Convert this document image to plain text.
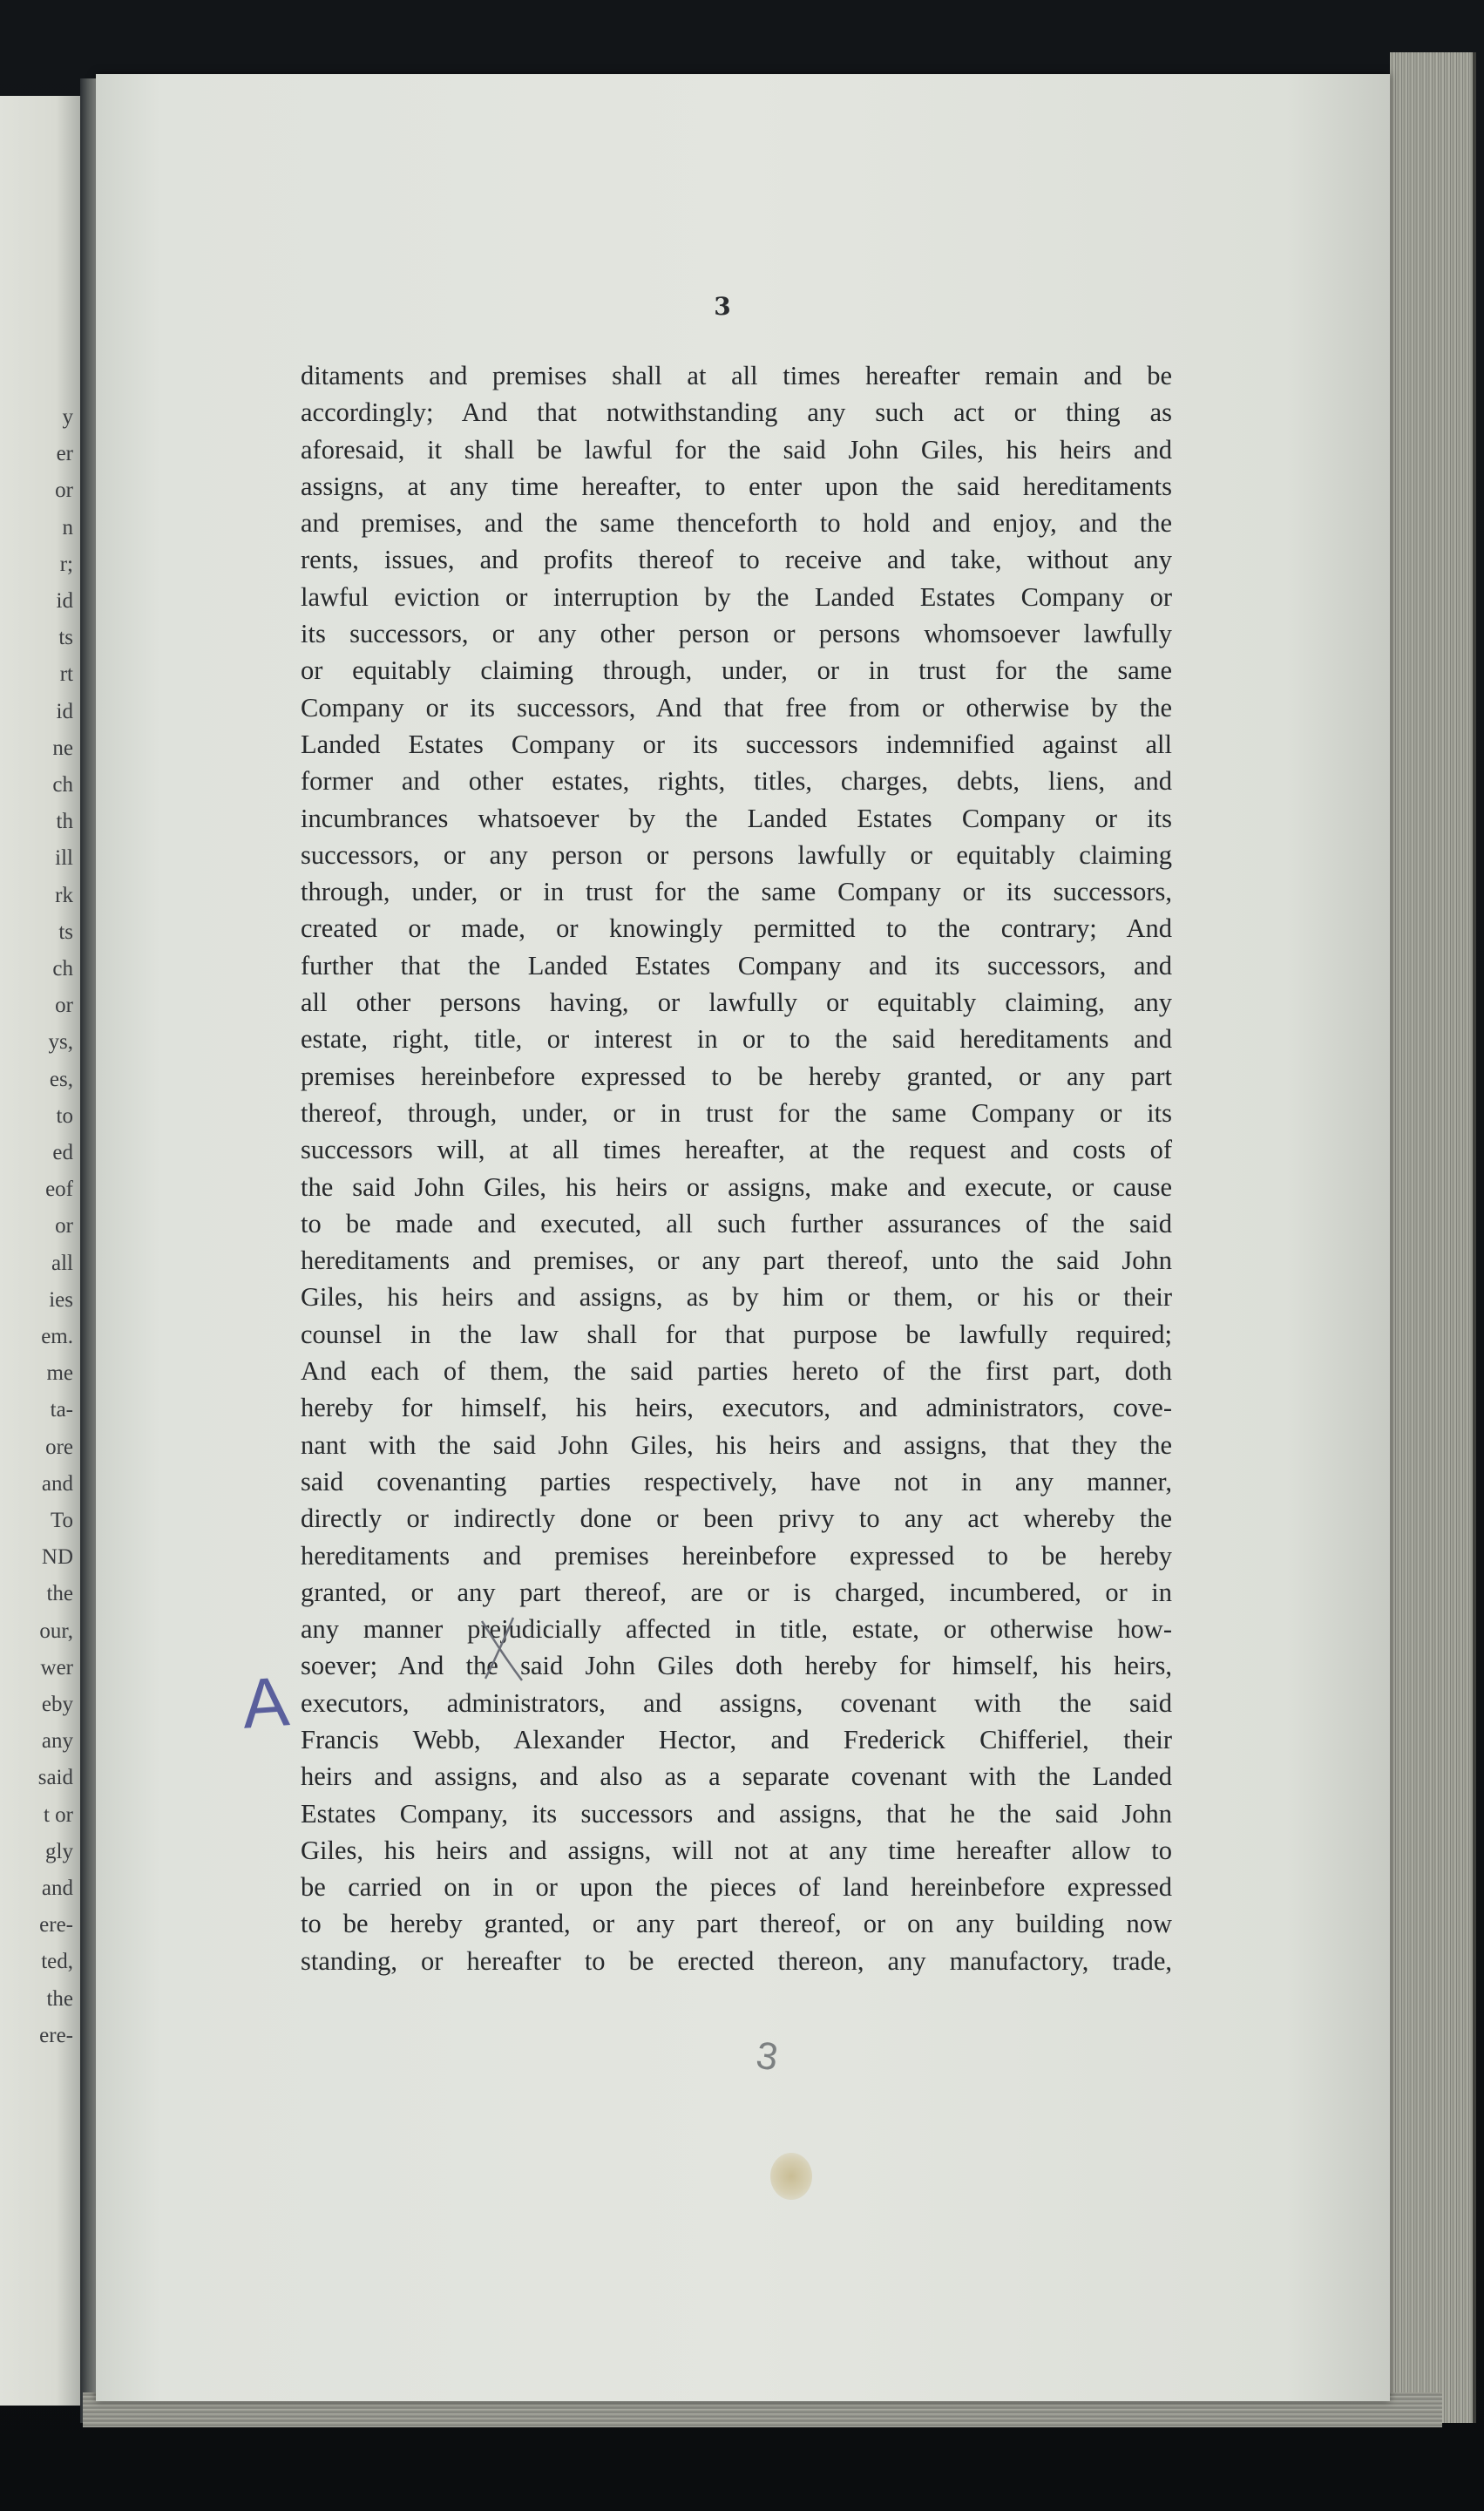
y
er
or
n
r;
id
ts
rt
id
ne
ch
th
ill
rk
ts
ch
or
ys,
es,
to
ed
eof
or
all
ies
em.
me
ta-
ore
and
To
ND
the
our,
wer
eby
any
said
t or
gly
and
ere-
ted,
the
ere-
3
ditaments and premises shall at all times hereafter remain and be
accordingly; And that notwithstanding any such act or thing as
aforesaid, it shall be lawful for the said John Giles, his heirs and
assigns, at any time hereafter, to enter upon the said hereditaments
and premises, and the same thenceforth to hold and enjoy, and the
rents, issues, and profits thereof to receive and take, without any
lawful eviction or interruption by the Landed Estates Company or
its successors, or any other person or persons whomsoever lawfully
or equitably claiming through, under, or in trust for the same
Company or its successors, And that free from or otherwise by the
Landed Estates Company or its successors indemnified against all
former and other estates, rights, titles, charges, debts, liens, and
incumbrances whatsoever by the Landed Estates Company or its
successors, or any person or persons lawfully or equitably claiming
through, under, or in trust for the same Company or its successors,
created or made, or knowingly permitted to the contrary; And
further that the Landed Estates Company and its successors, and
all other persons having, or lawfully or equitably claiming, any
estate, right, title, or interest in or to the said hereditaments and
premises hereinbefore expressed to be hereby granted, or any part
thereof, through, under, or in trust for the same Company or its
successors will, at all times hereafter, at the request and costs of
the said John Giles, his heirs or assigns, make and execute, or cause
to be made and executed, all such further assurances of the said
hereditaments and premises, or any part thereof, unto the said John
Giles, his heirs and assigns, as by him or them, or his or their
counsel in the law shall for that purpose be lawfully required;
And each of them, the said parties hereto of the first part, doth
hereby for himself, his heirs, executors, and administrators, cove-
nant with the said John Giles, his heirs and assigns, that they the
said covenanting parties respectively, have not in any manner,
directly or indirectly done or been privy to any act whereby the
hereditaments and premises hereinbefore expressed to be hereby
granted, or any part thereof, are or is charged, incumbered, or in
any manner prejudicially affected in title, estate, or otherwise how-
soever; And the said John Giles doth hereby for himself, his heirs,
executors, administrators, and assigns, covenant with the said
Francis Webb, Alexander Hector, and Frederick Chifferiel, their
heirs and assigns, and also as a separate covenant with the Landed
Estates Company, its successors and assigns, that he the said John
Giles, his heirs and assigns, will not at any time hereafter allow to
be carried on in or upon the pieces of land hereinbefore expressed
to be hereby granted, or any part thereof, or on any building now
standing, or hereafter to be erected thereon, any manufactory, trade,
A
3
